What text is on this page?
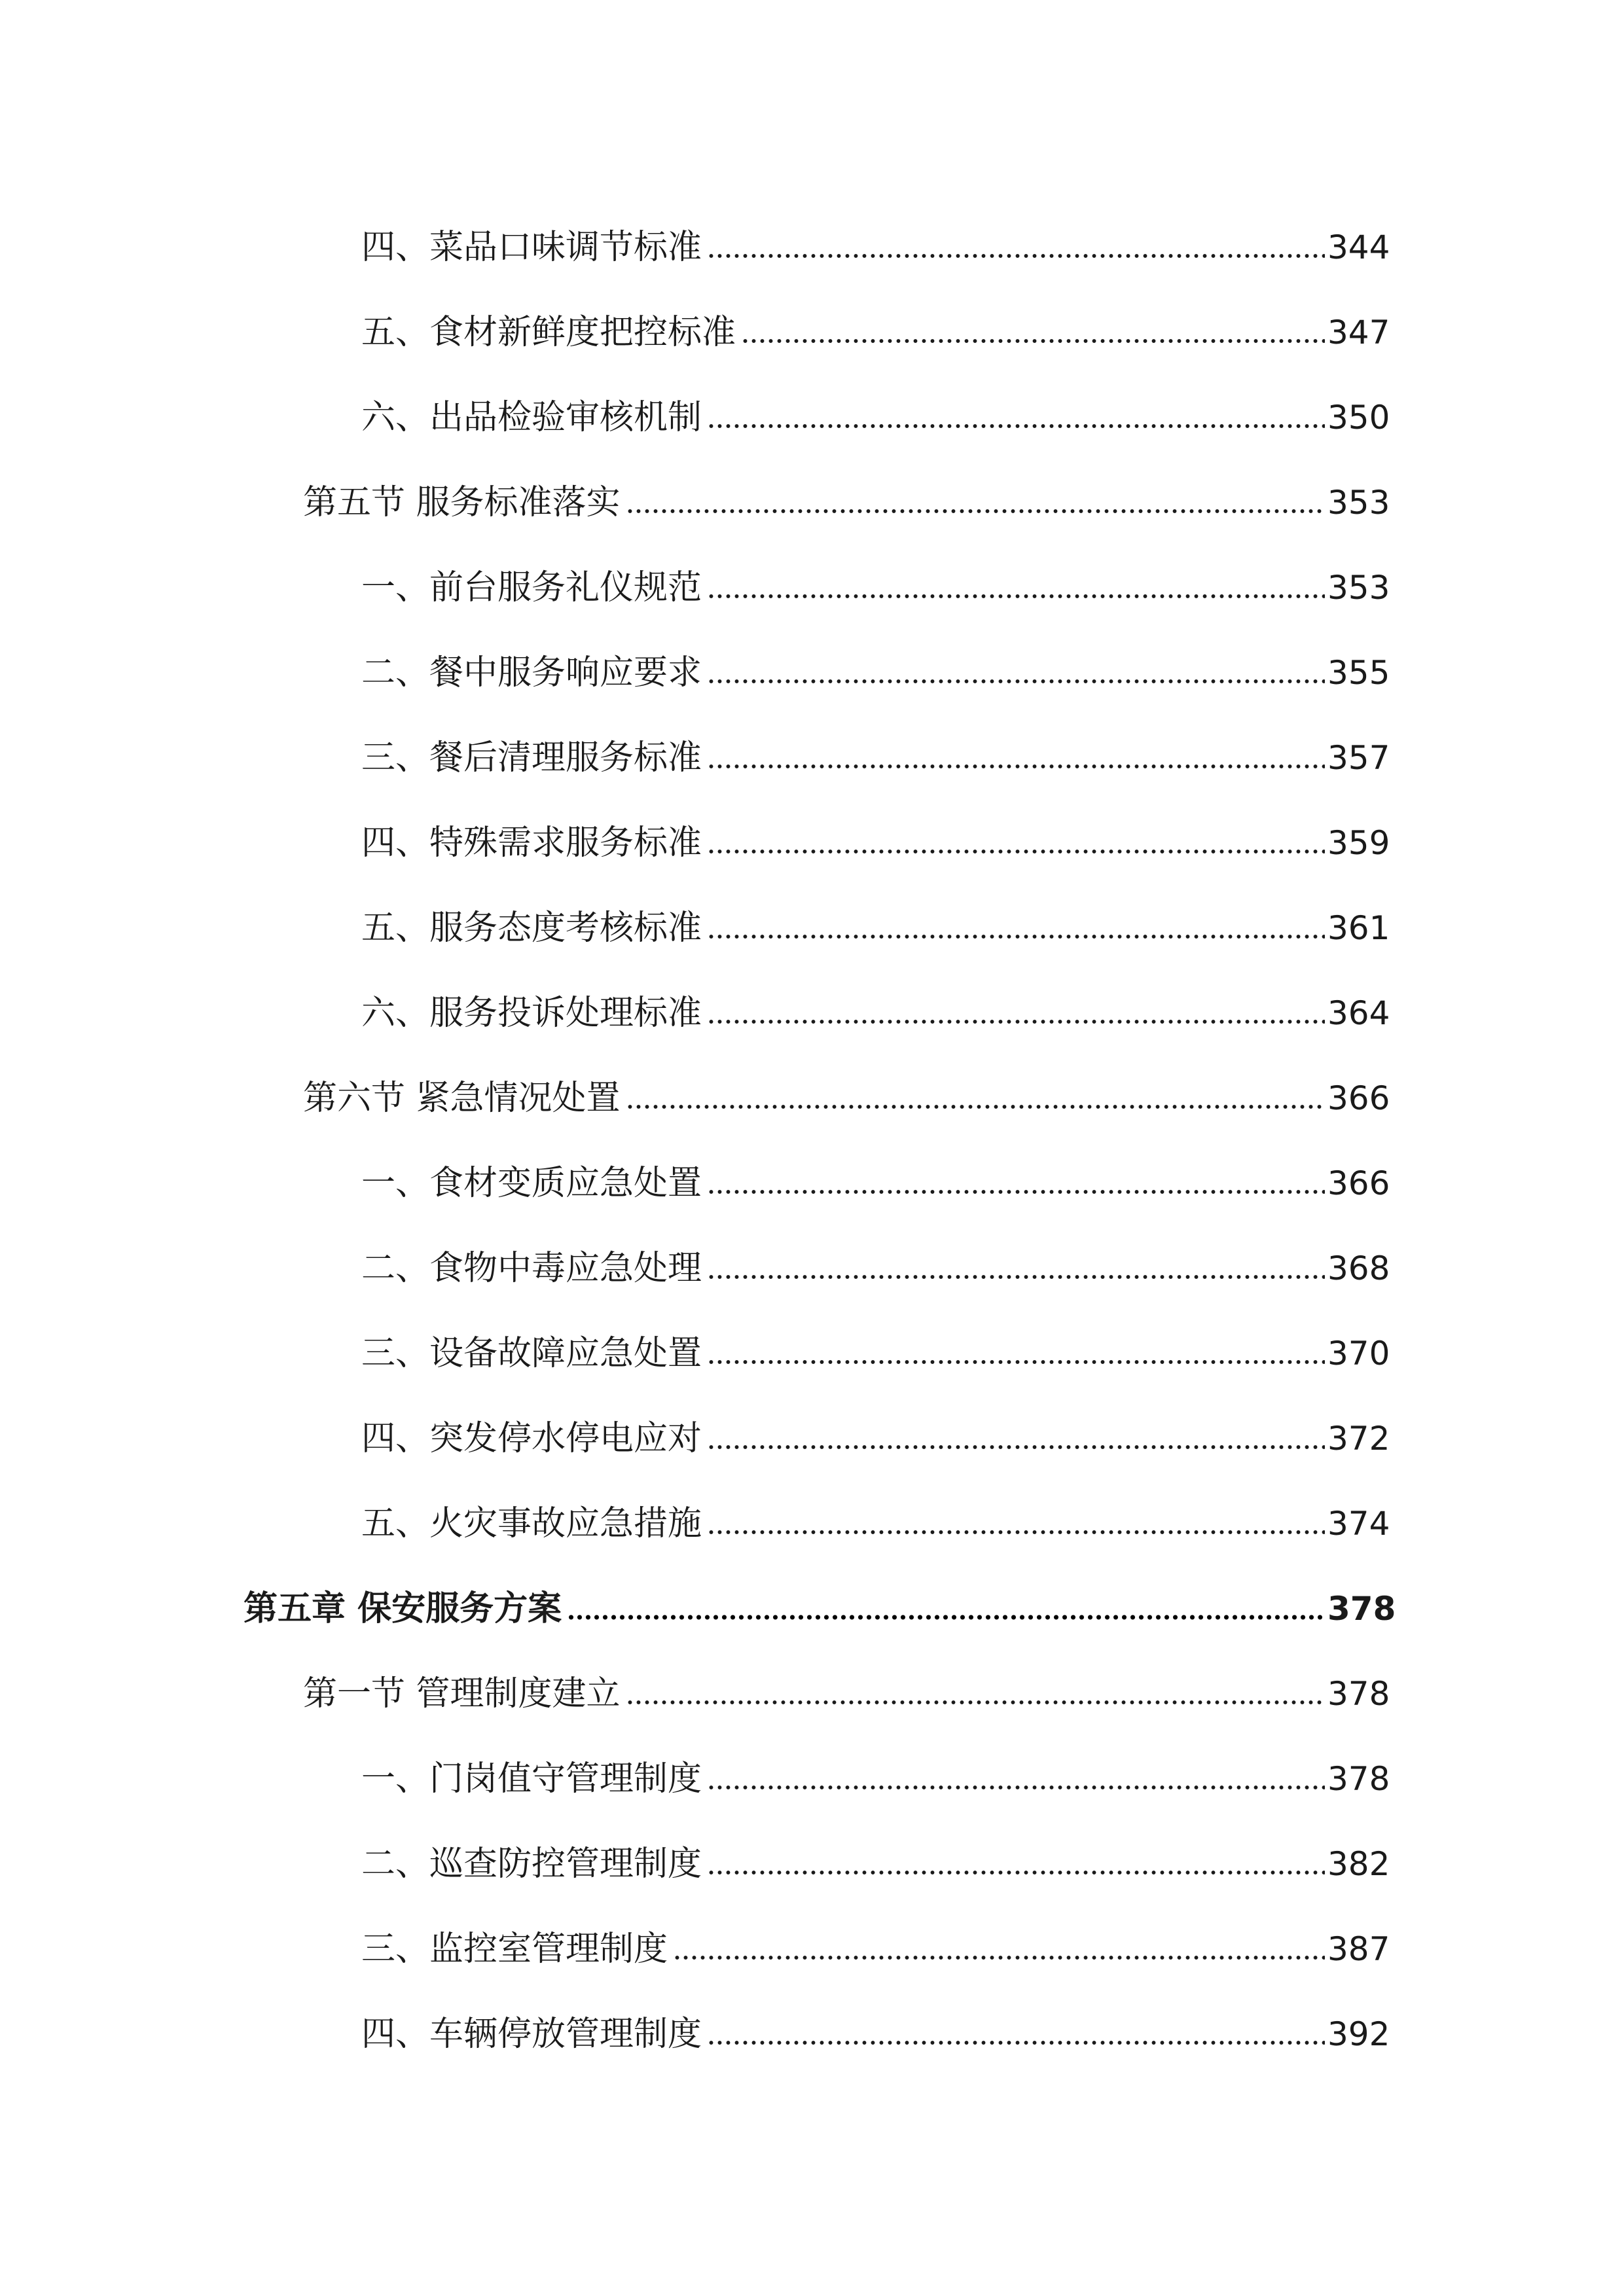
四、菜品口味调节标准	344
五、食材新鲜度把控标准	347
六、出品检验审核机制	350
第五节 服务标准落实	353
一、前台服务礼仪规范	353
二、餐中服务响应要求	355
三、餐后清理服务标准	357
四、特殊需求服务标准	359
五、服务态度考核标准	361
六、服务投诉处理标准	364
第六节 紧急情况处置	366
一、食材变质应急处置	366
二、食物中毒应急处理	368
三、设备故障应急处置	370
四、突发停水停电应对	372
五、火灾事故应急措施	374
第五章 保安服务方案	378
第一节 管理制度建立	378
一、门岗值守管理制度	378
二、巡查防控管理制度	382
三、监控室管理制度	387
四、车辆停放管理制度	392
